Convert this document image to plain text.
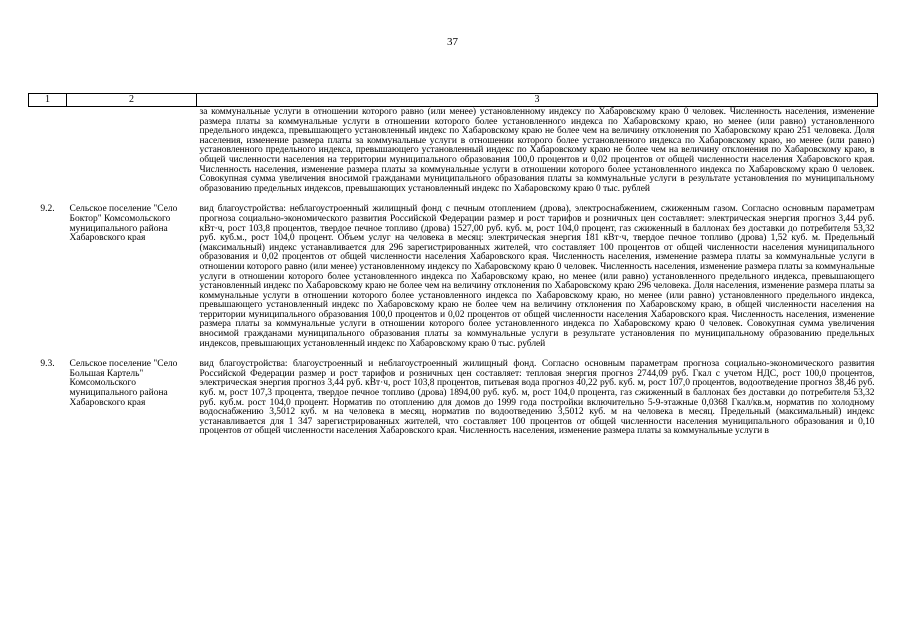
37
1	2	3
		за коммунальные услуги в отношении которого равно (или менее) установленному индексу по Хабаровскому краю 0 человек. Численность населения, изменение размера платы за коммунальные услуги в отношении которого более установленного индекса по Хабаровскому краю, но менее (или равно) установленного предельного индекса, превышающего установленный индекс по Хабаровскому краю не более чем на величину отклонения по Хабаровскому краю 251 человека. Доля населения, изменение размера платы за коммунальные услуги в отношении которого более установленного индекса по Хабаровскому краю, но менее (или равно) установленного предельного индекса, превышающего установленный индекс по Хабаровскому краю не более чем на величину отклонения по Хабаровскому краю, в общей численности населения на территории муниципального образования 100,0 процентов и 0,02 процентов от общей численности населения Хабаровского края. Численность населения, изменение размера платы за коммунальные услуги в отношении которого более установленного индекса по Хабаровскому краю 0 человек. Совокупная сумма увеличения вносимой гражданами муниципального образования платы за коммунальные услуги в результате установления по муниципальному образованию предельных индексов, превышающих установленный индекс по Хабаровскому краю 0 тыс. рублей
9.2.	Сельское поселение "Село Боктор" Комсомольского муниципального района Хабаровского края	вид благоустройства: неблагоустроенный жилищный фонд с печным отоплением (дрова), электроснабжением, сжиженным газом. Согласно основным параметрам прогноза социально-экономического развития Российской Федерации размер и рост тарифов и розничных цен составляет: электрическая энергия прогноз 3,44 руб. кВт·ч, рост 103,8 процентов, твердое печное топливо (дрова) 1527,00 руб. куб. м, рост 104,0 процент, газ сжиженный в баллонах без доставки до потребителя 53,32 руб. куб.м., рост 104,0 процент. Объем услуг на человека в месяц: электрическая энергия 181 кВт·ч, твердое печное топливо (дрова) 1,52 куб. м. Предельный (максимальный) индекс устанавливается для 296 зарегистрированных жителей, что составляет 100 процентов от общей численности населения муниципального образования и 0,02 процентов от общей численности населения Хабаровского края. Численность населения, изменение размера платы за коммунальные услуги в отношении которого равно (или менее) установленному индексу по Хабаровскому краю 0 человек. Численность населения, изменение размера платы за коммунальные услуги в отношении которого более установленного индекса по Хабаровскому краю, но менее (или равно) установленного предельного индекса, превышающего установленный индекс по Хабаровскому краю не более чем на величину отклонения по Хабаровскому краю 296 человека. Доля населения, изменение размера платы за коммунальные услуги в отношении которого более установленного индекса по Хабаровскому краю, но менее (или равно) установленного предельного индекса, превышающего установленный индекс по Хабаровскому краю не более чем на величину отклонения по Хабаровскому краю, в общей численности населения на территории муниципального образования 100,0 процентов и 0,02 процентов от общей численности населения Хабаровского края. Численность населения, изменение размера платы за коммунальные услуги в отношении которого более установленного индекса по Хабаровскому краю 0 человек. Совокупная сумма увеличения вносимой гражданами муниципального образования платы за коммунальные услуги в результате установления по муниципальному образованию предельных индексов, превышающих установленный индекс по Хабаровскому краю 0 тыс. рублей
9.3.	Сельское поселение "Село Большая Картель" Комсомольского муниципального района Хабаровского края	вид благоустройства: благоустроенный и неблагоустроенный жилищный фонд. Согласно основным параметрам прогноза социально-экономического развития Российской Федерации размер и рост тарифов и розничных цен составляет: тепловая энергия прогноз 2744,09 руб. Гкал с учетом НДС, рост 100,0 процентов, электрическая энергия прогноз 3,44 руб. кВт·ч, рост 103,8 процентов, питьевая вода прогноз 40,22 руб. куб. м, рост 107,0 процентов, водоотведение прогноз 38,46 руб. куб. м, рост 107,3 процента, твердое печное топливо (дрова) 1894,00 руб. куб. м, рост 104,0 процента, газ сжиженный в баллонах без доставки до потребителя 53,32 руб. куб.м. рост 104,0 процент. Норматив по отоплению для домов до 1999 года постройки включительно 5-9-этажные 0,0368 Гкал/кв.м, норматив по холодному водоснабжению 3,5012 куб. м на человека в месяц, норматив по водоотведению 3,5012 куб. м на человека в месяц. Предельный (максимальный) индекс устанавливается для 1 347 зарегистрированных жителей, что составляет 100 процентов от общей численности населения муниципального образования и 0,10 процентов от общей численности населения Хабаровского края. Численность населения, изменение размера платы за коммунальные услуги в
